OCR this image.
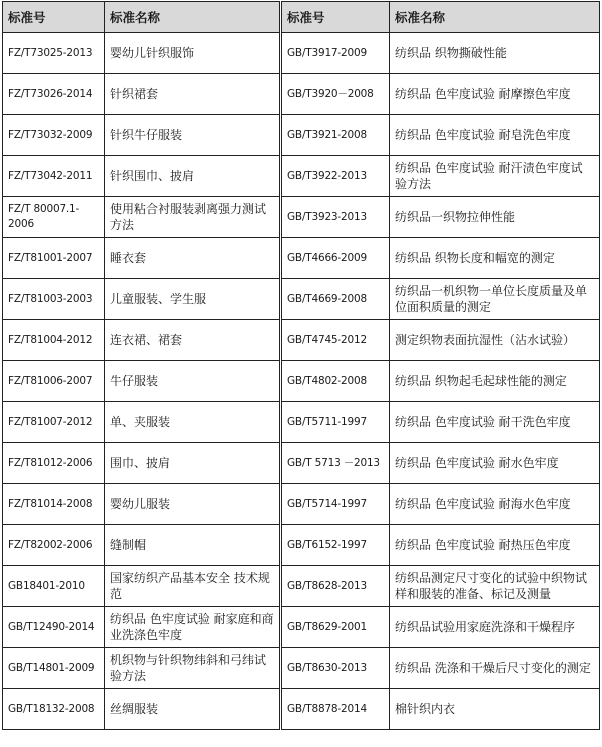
标准号	标准名称
FZ/T73025-2013	婴幼儿针织服饰
FZ/T73026-2014	针织裙套
FZ/T73032-2009	针织牛仔服装
FZ/T73042-2011	针织围巾、披肩
FZ/T 80007.1-2006	使用粘合衬服装剥离强力测试方法
FZ/T81001-2007	睡衣套
FZ/T81003-2003	儿童服装、学生服
FZ/T81004-2012	连衣裙、裙套
FZ/T81006-2007	牛仔服装
FZ/T81007-2012	单、夹服装
FZ/T81012-2006	围巾、披肩
FZ/T81014-2008	婴幼儿服装
FZ/T82002-2006	缝制帽
GB18401-2010	国家纺织产品基本安全 技术规范
GB/T12490-2014	纺织品 色牢度试验 耐家庭和商业洗涤色牢度
GB/T14801-2009	机织物与针织物纬斜和弓纬试验方法
GB/T18132-2008	丝绸服装
标准号	标准名称
GB/T3917-2009	纺织品 织物撕破性能
GB/T3920－2008	纺织品 色牢度试验 耐摩擦色牢度
GB/T3921-2008	纺织品 色牢度试验 耐皂洗色牢度
GB/T3922-2013	纺织品 色牢度试验 耐汗渍色牢度试验方法
GB/T3923-2013	纺织品一织物拉伸性能
GB/T4666-2009	纺织品 织物长度和幅宽的测定
GB/T4669-2008	纺织品一机织物一单位长度质量及单位面积质量的测定
GB/T4745-2012	测定织物表面抗湿性（沾水试验）
GB/T4802-2008	纺织品 织物起毛起球性能的测定
GB/T5711-1997	纺织品 色牢度试验 耐干洗色牢度
GB/T 5713 －2013	纺织品 色牢度试验 耐水色牢度
GB/T5714-1997	纺织品 色牢度试验 耐海水色牢度
GB/T6152-1997	纺织品 色牢度试验 耐热压色牢度
GB/T8628-2013	纺织品测定尺寸变化的试验中织物试样和服装的准备、标记及测量
GB/T8629-2001	纺织品试验用家庭洗涤和干燥程序
GB/T8630-2013	纺织品 洗涤和干燥后尺寸变化的测定
GB/T8878-2014	棉针织内衣
